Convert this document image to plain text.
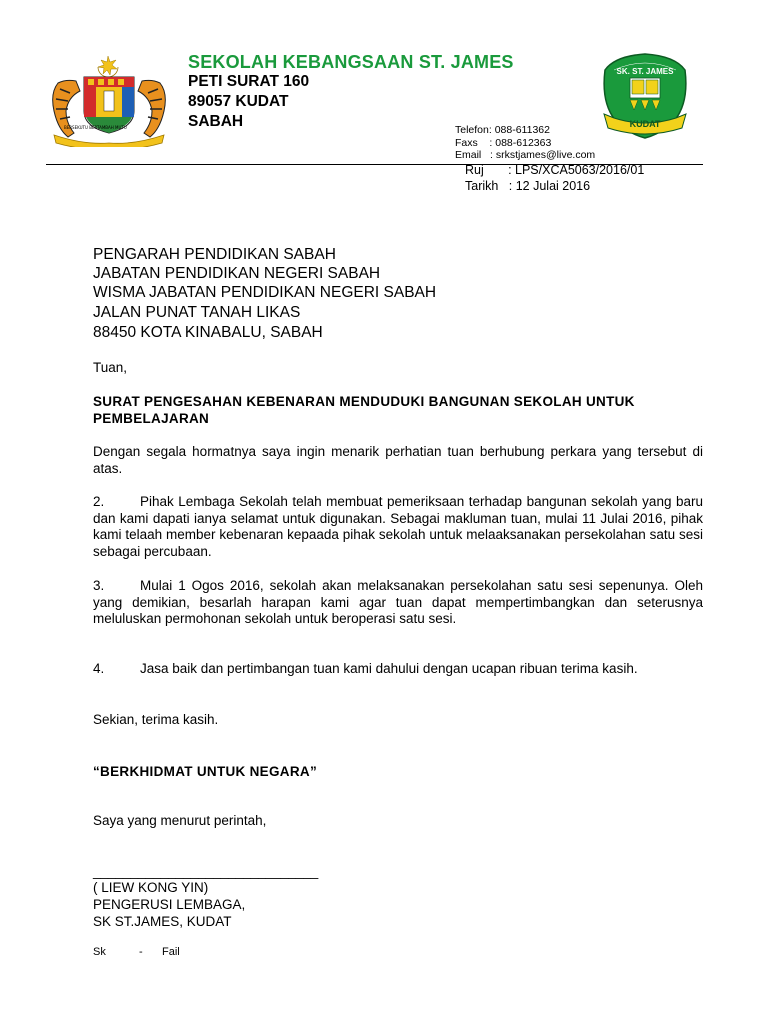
BERSEKUTU BERTAMBAH MUTU
SEKOLAH KEBANGSAAN ST. JAMES
PETI SURAT 160
89057 KUDAT
SABAH
SK. ST. JAMES
KUDAT
Telefon: 088-611362
Faxs    : 088-612363
Email   : srkstjames@live.com
Ruj       : LPS/XCA5063/2016/01
Tarikh   : 12 Julai 2016
PENGARAH PENDIDIKAN SABAH
JABATAN PENDIDIKAN NEGERI SABAH
WISMA JABATAN PENDIDIKAN NEGERI SABAH
JALAN PUNAT TANAH LIKAS
88450 KOTA KINABALU, SABAH
Tuan,
SURAT PENGESAHAN KEBENARAN MENDUDUKI BANGUNAN SEKOLAH UNTUK PEMBELAJARAN
Dengan segala hormatnya saya ingin menarik perhatian tuan berhubung perkara yang tersebut di atas.
2.	Pihak Lembaga Sekolah telah membuat pemeriksaan terhadap bangunan sekolah yang baru dan kami dapati ianya selamat untuk digunakan. Sebagai makluman tuan, mulai 11 Julai 2016, pihak kami telaah member kebenaran kepaada pihak sekolah untuk melaaksanakan persekolahan satu sesi sebagai percubaan.
3.	Mulai 1 Ogos 2016, sekolah akan melaksanakan persekolahan satu sesi sepenunya. Oleh yang demikian, besarlah harapan kami agar tuan dapat mempertimbangkan dan seterusnya meluluskan permohonan sekolah untuk beroperasi satu sesi.
4.	Jasa baik dan pertimbangan tuan kami dahului dengan ucapan ribuan terima kasih.
Sekian, terima kasih.
“BERKHIDMAT UNTUK NEGARA”
Saya yang menurut perintah,
______________________________
( LIEW KONG YIN)
PENGERUSI LEMBAGA,
SK ST.JAMES, KUDAT
Sk	- Fail
